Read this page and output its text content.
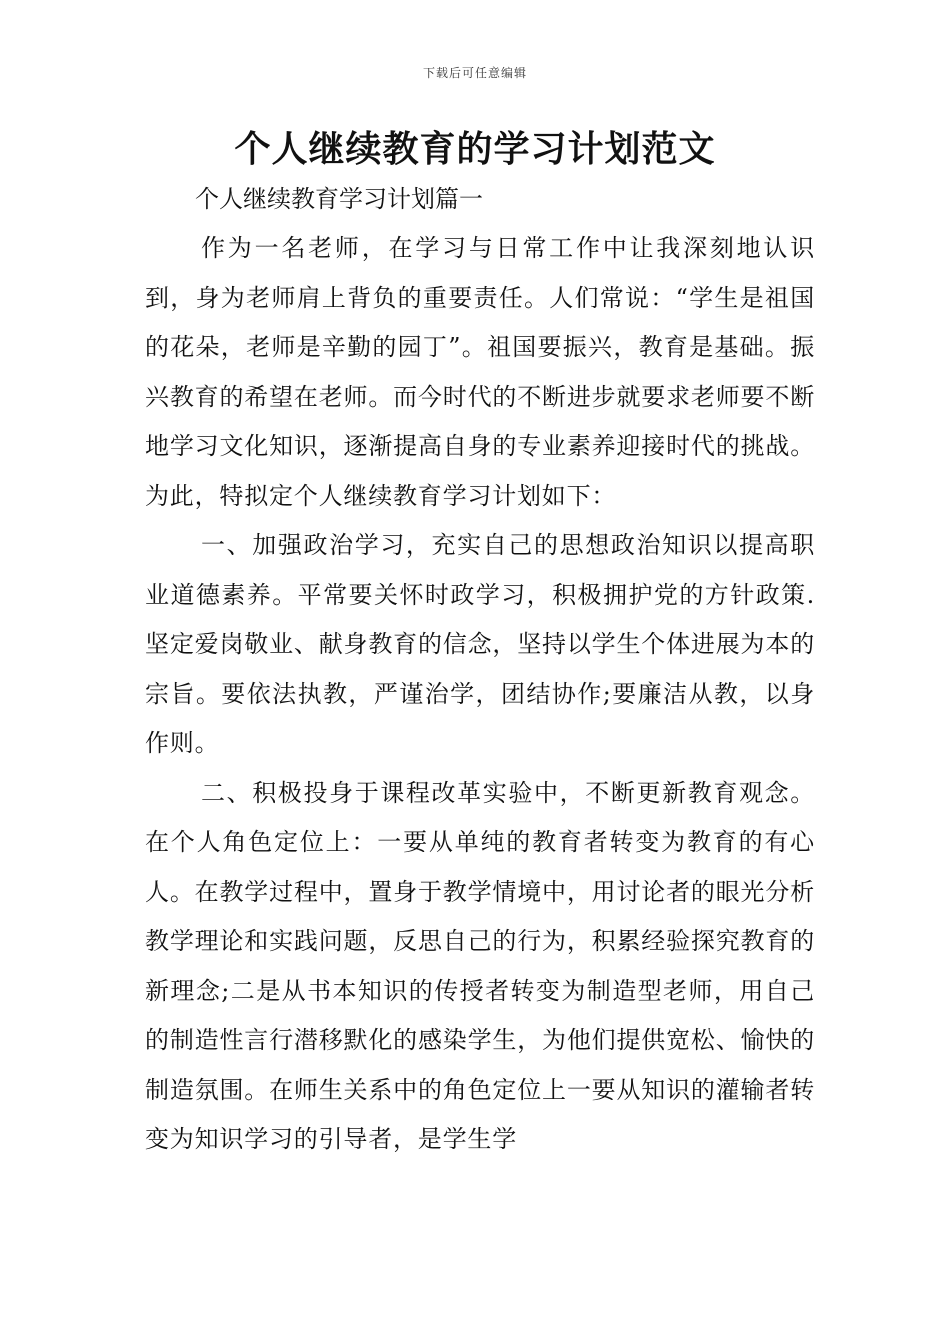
下载后可任意编辑
个人继续教育的学习计划范文

个人继续教育学习计划篇一

作为一名老师，在学习与日常工作中让我深刻地认识到，身为老师肩上背负的重要责任。人们常说：“学生是祖国的花朵，老师是辛勤的园丁”。祖国要振兴，教育是基础。振兴教育的希望在老师。而今时代的不断进步就要求老师要不断地学习文化知识，逐渐提高自身的专业素养迎接时代的挑战。为此，特拟定个人继续教育学习计划如下：

一、加强政治学习，充实自己的思想政治知识以提高职业道德素养。平常要关怀时政学习，积极拥护党的方针政策.坚定爱岗敬业、献身教育的信念，坚持以学生个体进展为本的宗旨。要依法执教，严谨治学，团结协作;要廉洁从教，以身作则。

二、积极投身于课程改革实验中，不断更新教育观念。在个人角色定位上：一要从单纯的教育者转变为教育的有心人。在教学过程中，置身于教学情境中，用讨论者的眼光分析教学理论和实践问题，反思自己的行为，积累经验探究教育的新理念;二是从书本知识的传授者转变为制造型老师，用自己的制造性言行潜移默化的感染学生，为他们提供宽松、愉快的制造氛围。在师生关系中的角色定位上一要从知识的灌输者转变为知识学习的引导者，是学生学
